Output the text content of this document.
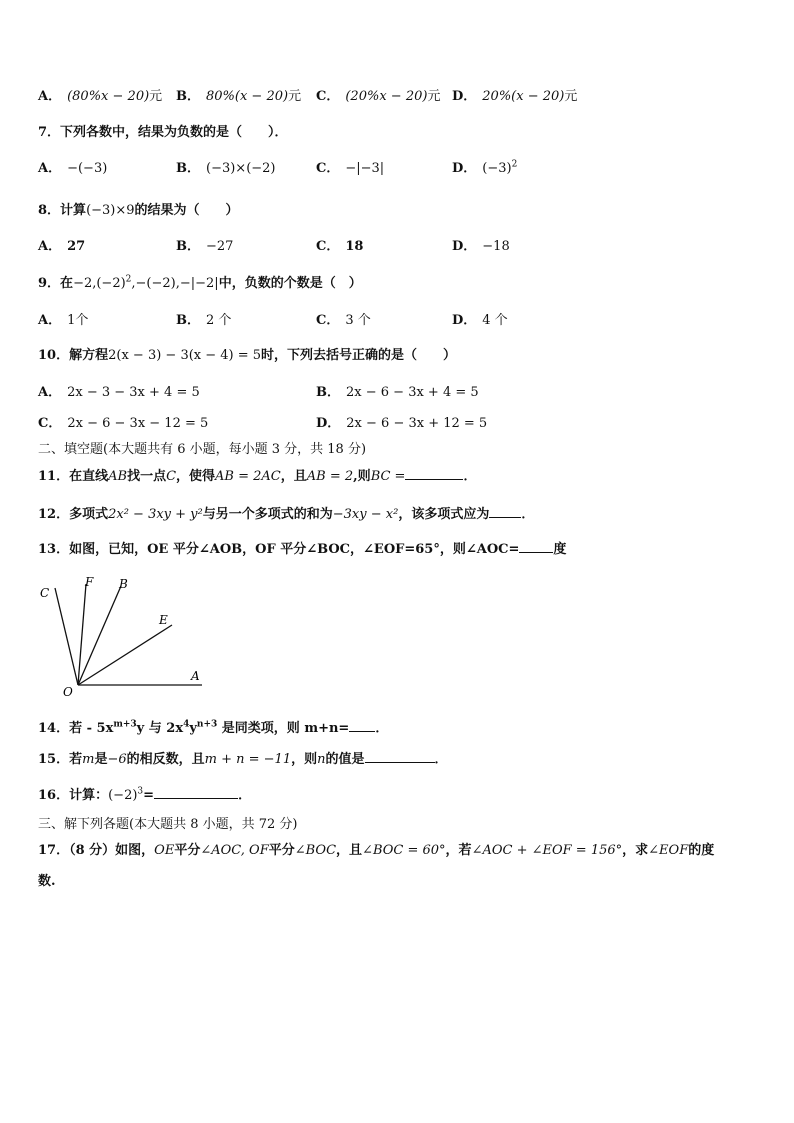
A． (80%x − 20)元 B． 80%(x − 20)元 C． (20%x − 20)元 D． 20%(x − 20)元
7．下列各数中，结果为负数的是（　　）．
A． −(−3)	B． (−3)×(−2)	C． −|−3|	D． $(-3)^2$
8．计算(−3)×9的结果为（　　）
A． 27	B． −27	C． 18	D． −18
9．在$-2,(-2)^2,-(-2),-|-2|$中，负数的个数是（　）
A． 1个	B． 2 个	C． 3 个	D． 4 个
10．解方程2(x − 3) − 3(x − 4) = 5时，下列去括号正确的是（　　）
A． 2x − 3 − 3x + 4 = 5	B． 2x − 6 − 3x + 4 = 5
C． 2x − 6 − 3x − 12 = 5	D． 2x − 6 − 3x + 12 = 5
二、填空题(本大题共有 6 小题，每小题 3 分，共 18 分)
11．在直线AB找一点C，使得AB = 2AC，且AB = 2,则BC =	．
12．多项式2x² − 3xy + y²与另一个多项式的和为−3xy − x²，该多项式应为 ．
13．如图，已知，OE 平分∠AOB，OF 平分∠BOC，∠EOF=65°，则∠AOC=	度
C
F B
E
A
O
14．若 - $5x^{m+3}y$ 与 $2x^4y^{n+3}$ 是同类项，则 m+n= ．
15．若m是−6的相反数，且m + n = −11，则n的值是	．
16．计算：$(-2)^3=$	．
三、解下列各题(本大题共 8 小题，共 72 分)
17．（8 分）如图，OE平分∠AOC, OF平分∠BOC，且∠BOC = 60°，若∠AOC + ∠EOF = 156°，求∠EOF的度
数.
